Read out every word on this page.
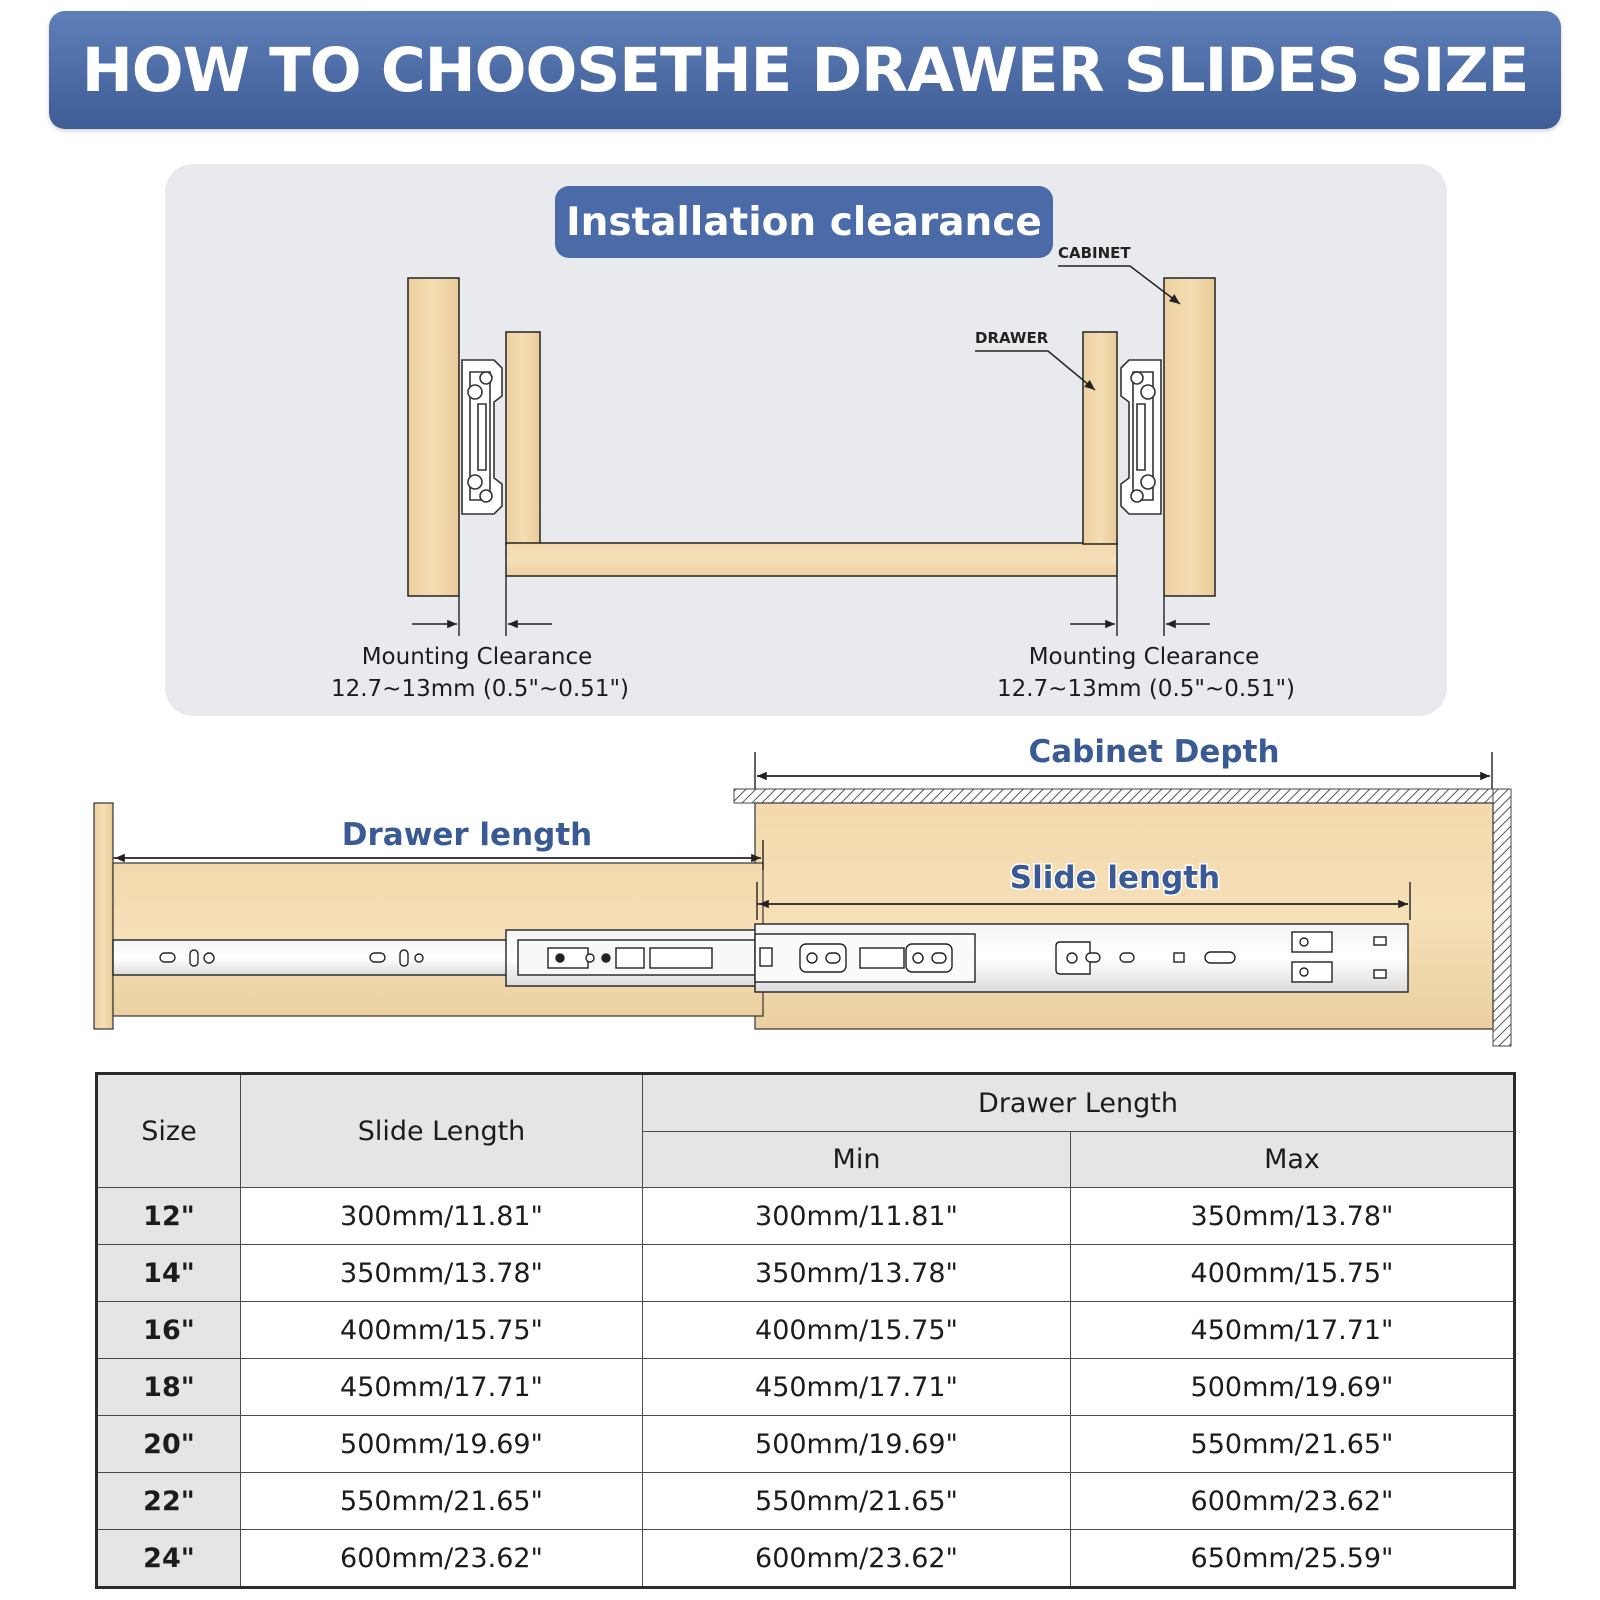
HOW TO CHOOSETHE DRAWER SLIDES SIZE
Installation clearance
CABINET
DRAWER
Mounting Clearance
12.7~13mm (0.5"~0.51")
Mounting Clearance
12.7~13mm (0.5"~0.51")
Cabinet Depth
Drawer length
Slide length
Size	Slide Length	Drawer Length	
		Min	Max
12"	300mm/11.81"	300mm/11.81"	350mm/13.78"
14"	350mm/13.78"	350mm/13.78"	400mm/15.75"
16"	400mm/15.75"	400mm/15.75"	450mm/17.71"
18"	450mm/17.71"	450mm/17.71"	500mm/19.69"
20"	500mm/19.69"	500mm/19.69"	550mm/21.65"
22"	550mm/21.65"	550mm/21.65"	600mm/23.62"
24"	600mm/23.62"	600mm/23.62"	650mm/25.59"
